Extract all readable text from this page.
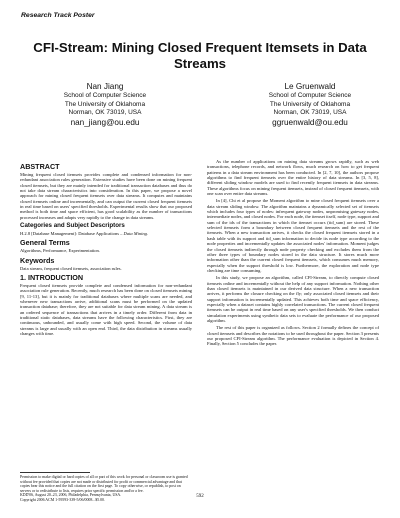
Research Track Poster
CFI-Stream: Mining Closed Frequent Itemsets in Data Streams
Nan Jiang
School of Computer Science
The University of Oklahoma
Norman, OK 73019, USA
nan_jiang@ou.edu
Le Gruenwald
School of Computer Science
The University of Oklahoma
Norman, OK 73019, USA
ggruenwald@ou.edu
ABSTRACT

Mining frequent closed itemsets provides complete and condensed information for non-redundant association rules generation. Extensive studies have been done on mining frequent closed itemsets, but they are mainly intended for traditional transaction databases and thus do not take data stream characteristics into consideration. In this paper, we propose a novel approach for mining closed frequent itemsets over data streams. It computes and maintains closed itemsets online and incrementally, and can output the current closed frequent itemsets in real time based on users' specified thresholds. Experimental results show that our proposed method is both time and space efficient, has good scalability as the number of transactions processed increases and adapts very rapidly to the change in data streams.

Categories and Subject Descriptors

H.2.8 [Database Management]: Database Applications – Data Mining.

General Terms

Algorithms, Performance, Experimentation.

Keywords

Data stream, frequent closed itemsets, association rules.

1. INTRODUCTION

Frequent closed itemsets provide complete and condensed information for non-redundant association rule generation. Recently, much research has been done on closed itemsets mining [9, 11-13], but it is mainly for traditional databases where multiple scans are needed, and whenever new transactions arrive, additional scans must be performed on the updated transaction database; therefore, they are not suitable for data stream mining. A data stream is an ordered sequence of transactions that arrives in a timely order. Different from data in traditional static databases, data streams have the following characteristics. First, they are continuous, unbounded, and usually come with high speed. Second, the volume of data streams is large and usually with an open end. Third, the data distribution in streams usually changes with time.

Permission to make digital or hard copies of all or part of this work for personal or classroom use is granted without fee provided that copies are not made or distributed for profit or commercial advantage and that copies bear this notice and the full citation on the first page. To copy otherwise, or republish, to post on servers or to redistribute to lists, requires prior specific permission and/or a fee.
KDD'06, August 20–23, 2006, Philadelphia, Pennsylvania, USA.
Copyright 2006 ACM 1-59593-339-5/06/0008...$5.00.

As the number of applications on mining data streams grows rapidly, such as web transactions, telephone records, and network flows, much research on how to get frequent patterns in a data stream environment has been conducted. In [2, 7, 10], the authors propose algorithms to find frequent itemsets over the entire history of data streams. In [3, 5, 8], different sliding window models are used to find recently frequent itemsets in data streams. These algorithms focus on mining frequent itemsets, instead of closed frequent itemsets, with one scan over entire data streams.

In [4], Chi et al propose the Moment algorithm to mine closed frequent itemsets over a data stream sliding window. The algorithm maintains a dynamically selected set of itemsets which includes four types of nodes: infrequent gateway nodes, unpromising gateway nodes, intermediate nodes, and closed nodes. For each node, the itemset itself, node type, support and sum of the ids of the transactions in which the itemset occurs (tid_sum) are stored. These selected itemsets form a boundary between closed frequent itemsets and the rest of the itemsets. When a new transaction arrives, it checks the closed frequent itemsets stored in a hash table with its support and tid_sum information to decide its node type according to the node properties and incrementally updates the associated nodes' information. Moment judges the closed itemsets indirectly through node property checking and excludes them from the other three types of boundary nodes stored in the data structure. It stores much more information other than the current closed frequent itemsets, which consumes much memory, especially when the support threshold is low. Furthermore, the exploration and node type checking are time consuming.

In this study, we propose an algorithm, called CFI-Stream, to directly compute closed itemsets online and incrementally without the help of any support information. Nothing other than closed itemsets is maintained in our derived data structure. When a new transaction arrives, it performs the closure checking on the fly; only associated closed itemsets and their support information is incrementally updated. This achieves both time and space efficiency, especially when a dataset contains highly correlated transactions. The current closed frequent itemsets can be output in real time based on any user's specified thresholds. We then conduct simulation experiments using synthetic data sets to evaluate the performance of our proposed algorithm.

The rest of this paper is organized as follows. Section 2 formally defines the concept of closed itemsets and describes the notations to be used throughout the paper. Section 3 presents our proposed CFI-Stream algorithm. The performance evaluation is depicted in Section 4. Finally, Section 5 concludes the paper.

592
